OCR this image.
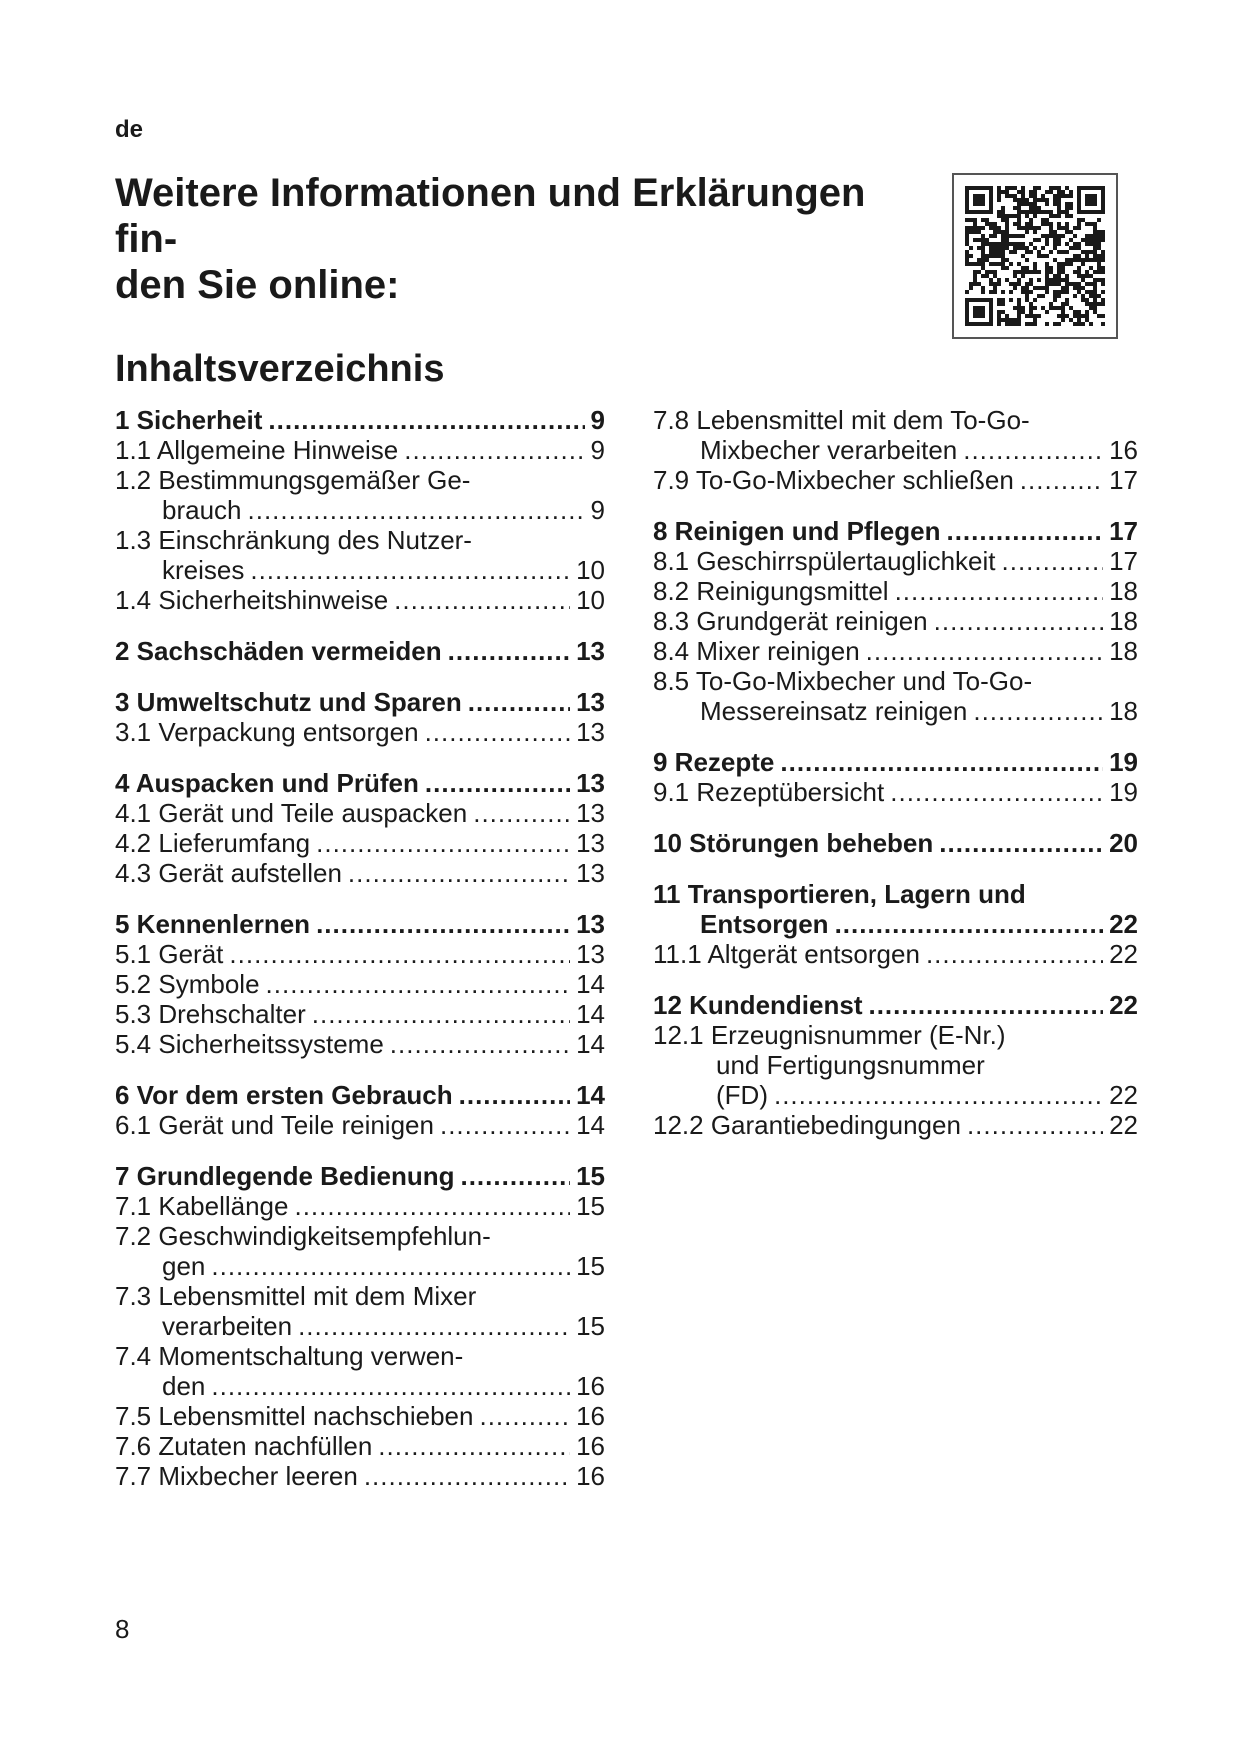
de
Weitere Informationen und Erklärungen fin-
den Sie online:
Inhaltsverzeichnis
1 Sicherheit .....	9
1.1 Allgemeine Hinweise .....	9
1.2 Bestimmungsgemäßer Ge-
brauch .....	9
1.3 Einschränkung des Nutzer-
kreises .....	10
1.4 Sicherheitshinweise .....	10
2 Sachschäden vermeiden .....	13
3 Umweltschutz und Sparen .....	13
3.1 Verpackung entsorgen .....	13
4 Auspacken und Prüfen .....	13
4.1 Gerät und Teile auspacken .....	13
4.2 Lieferumfang .....	13
4.3 Gerät aufstellen .....	13
5 Kennenlernen .....	13
5.1 Gerät .....	13
5.2 Symbole .....	14
5.3 Drehschalter .....	14
5.4 Sicherheitssysteme .....	14
6 Vor dem ersten Gebrauch .....	14
6.1 Gerät und Teile reinigen .....	14
7 Grundlegende Bedienung .....	15
7.1 Kabellänge .....	15
7.2 Geschwindigkeitsempfehlun-
gen .....	15
7.3 Lebensmittel mit dem Mixer
verarbeiten .....	15
7.4 Momentschaltung verwen-
den .....	16
7.5 Lebensmittel nachschieben .....	16
7.6 Zutaten nachfüllen .....	16
7.7 Mixbecher leeren .....	16
7.8 Lebensmittel mit dem To-Go-
Mixbecher verarbeiten .....	16
7.9 To-Go-Mixbecher schließen .....	17
8 Reinigen und Pflegen .....	17
8.1 Geschirrspülertauglichkeit .....	17
8.2 Reinigungsmittel .....	18
8.3 Grundgerät reinigen .....	18
8.4 Mixer reinigen .....	18
8.5 To-Go-Mixbecher und To-Go-
Messereinsatz reinigen .....	18
9 Rezepte .....	19
9.1 Rezeptübersicht .....	19
10 Störungen beheben .....	20
11 Transportieren, Lagern und
Entsorgen .....	22
11.1 Altgerät entsorgen .....	22
12 Kundendienst .....	22
12.1 Erzeugnisnummer (E-Nr.)
und Fertigungsnummer
(FD) .....	22
12.2 Garantiebedingungen .....	22
8
